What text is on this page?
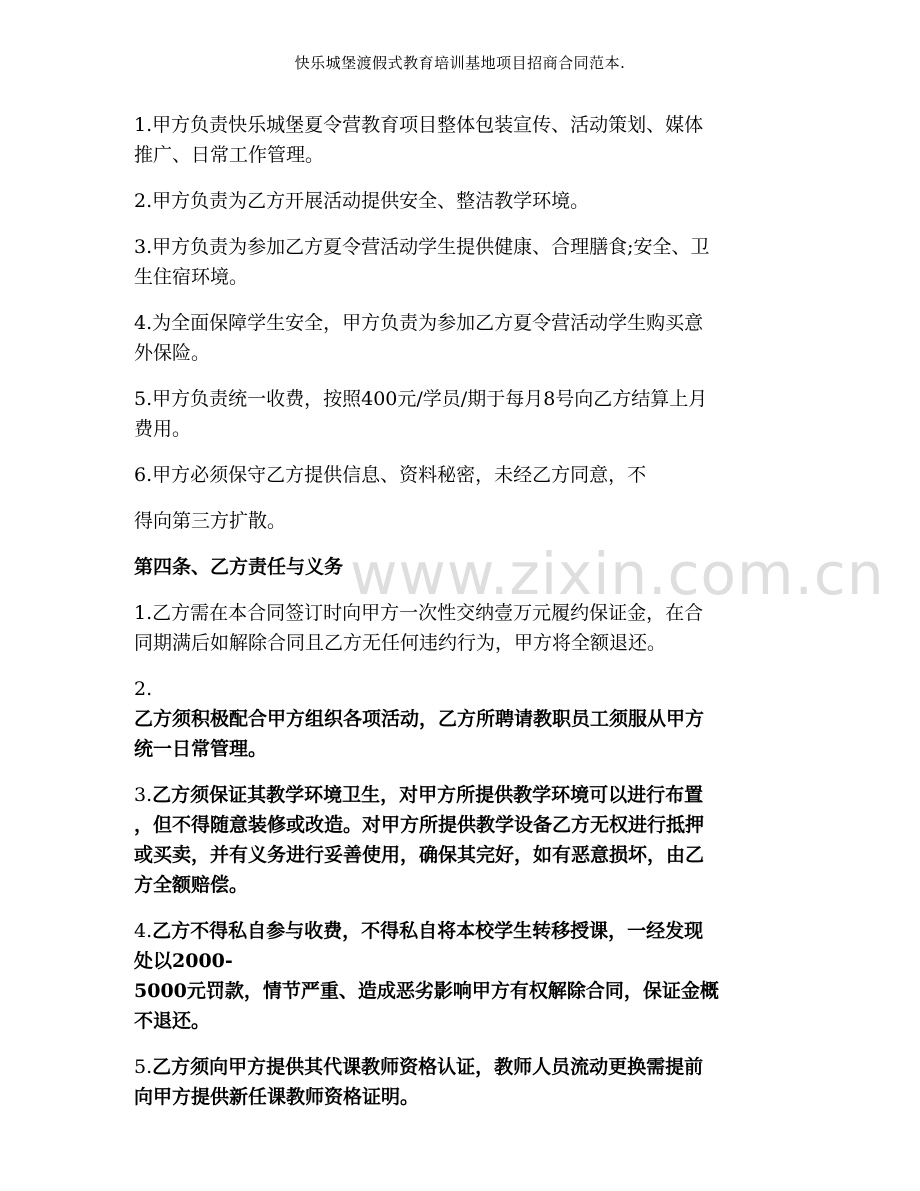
快乐城堡渡假式教育培训基地项目招商合同范本.
www.zixin.com.cn
1.甲方负责快乐城堡夏令营教育项目整体包装宣传、活动策划、媒体
推广、日常工作管理。
2.甲方负责为乙方开展活动提供安全、整洁教学环境。
3.甲方负责为参加乙方夏令营活动学生提供健康、合理膳食;安全、卫
生住宿环境。
4.为全面保障学生安全，甲方负责为参加乙方夏令营活动学生购买意
外保险。
5.甲方负责统一收费，按照400元/学员/期于每月8号向乙方结算上月
费用。
6.甲方必须保守乙方提供信息、资料秘密，未经乙方同意，不
得向第三方扩散。
第四条、乙方责任与义务
1.乙方需在本合同签订时向甲方一次性交纳壹万元履约保证金，在合
同期满后如解除合同且乙方无任何违约行为，甲方将全额退还。
2.
乙方须积极配合甲方组织各项活动，乙方所聘请教职员工须服从甲方
统一日常管理。
3.乙方须保证其教学环境卫生，对甲方所提供教学环境可以进行布置
，但不得随意装修或改造。对甲方所提供教学设备乙方无权进行抵押
或买卖，并有义务进行妥善使用，确保其完好，如有恶意损坏，由乙
方全额赔偿。
4.乙方不得私自参与收费，不得私自将本校学生转移授课，一经发现
处以2000-
5000元罚款，情节严重、造成恶劣影响甲方有权解除合同，保证金概
不退还。
5.乙方须向甲方提供其代课教师资格认证，教师人员流动更换需提前
向甲方提供新任课教师资格证明。
